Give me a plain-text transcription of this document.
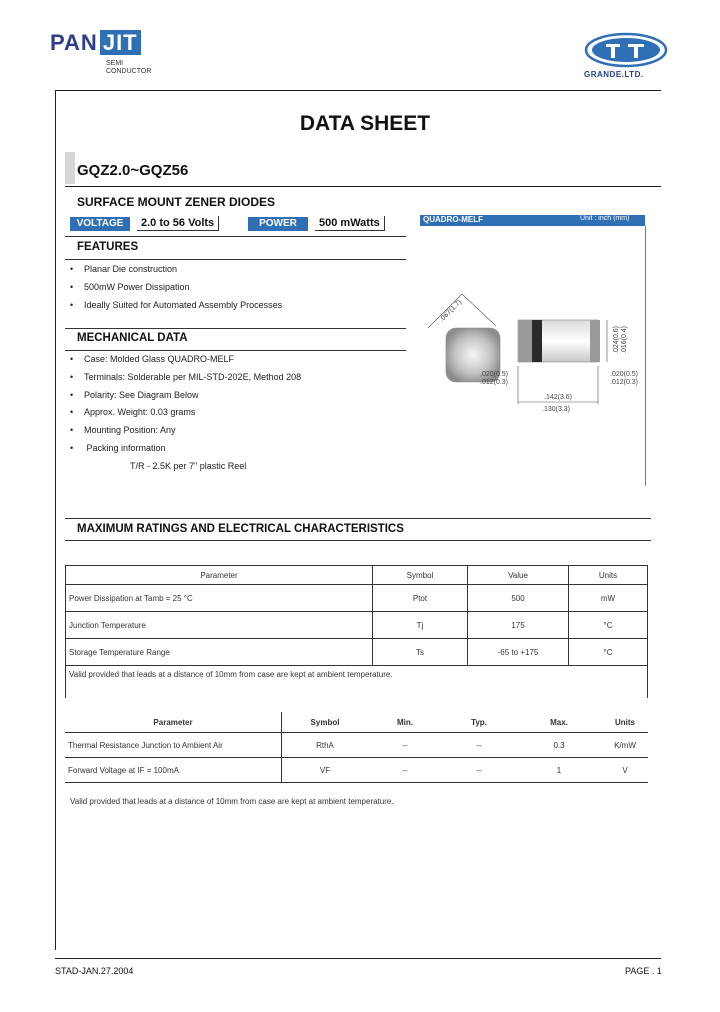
PAN JIT
SEMI
CONDUCTOR	GRANDE.LTD.
DATA SHEET
GQZ2.0~GQZ56
SURFACE MOUNT ZENER DIODES
VOLTAGE	2.0 to 56 Volts	POWER	500 mWatts
FEATURES
• Planar Die construction
• 500mW Power Dissipation
• Ideally Suited for Automated Assembly Processes
MECHANICAL DATA
• Case: Molded Glass QUADRO-MELF
• Terminals: Solderable per MIL-STD-202E, Method 208
• Polarity: See Diagram Below
• Approx. Weight: 0.03 grams
• Mounting Position: Any
• Packing information
T/R - 2.5K per 7" plastic Reel
QUADRO-MELF	Unit : inch (mm)
.067(1.7)
.024(0.6) .016(0.4)
.020(0.5)
.012(0.3)
.020(0.5)
.012(0.3)
.142(3.6)
.130(3.3)
MAXIMUM RATINGS AND ELECTRICAL CHARACTERISTICS
Parameter	Symbol	Value	Units
Power Dissipation at Tamb = 25 °C	Ptot	500	mW
Junction Temperature	Tj	175	°C
Storage Temperature Range	Ts	-65 to +175	°C
Valid provided that leads at a distance of 10mm from case are kept at ambient temperature.			
Parameter	Symbol	Min.	Typ.	Max.	Units
Thermal Resistance Junction to Ambient Air	RthA	--	--	0.3	K/mW
Forward Voltage at IF = 100mA	VF	--	--	1	V
Valid provided that leads at a distance of 10mm from case are kept at ambient temperature.
STAD-JAN.27.2004	PAGE . 1
